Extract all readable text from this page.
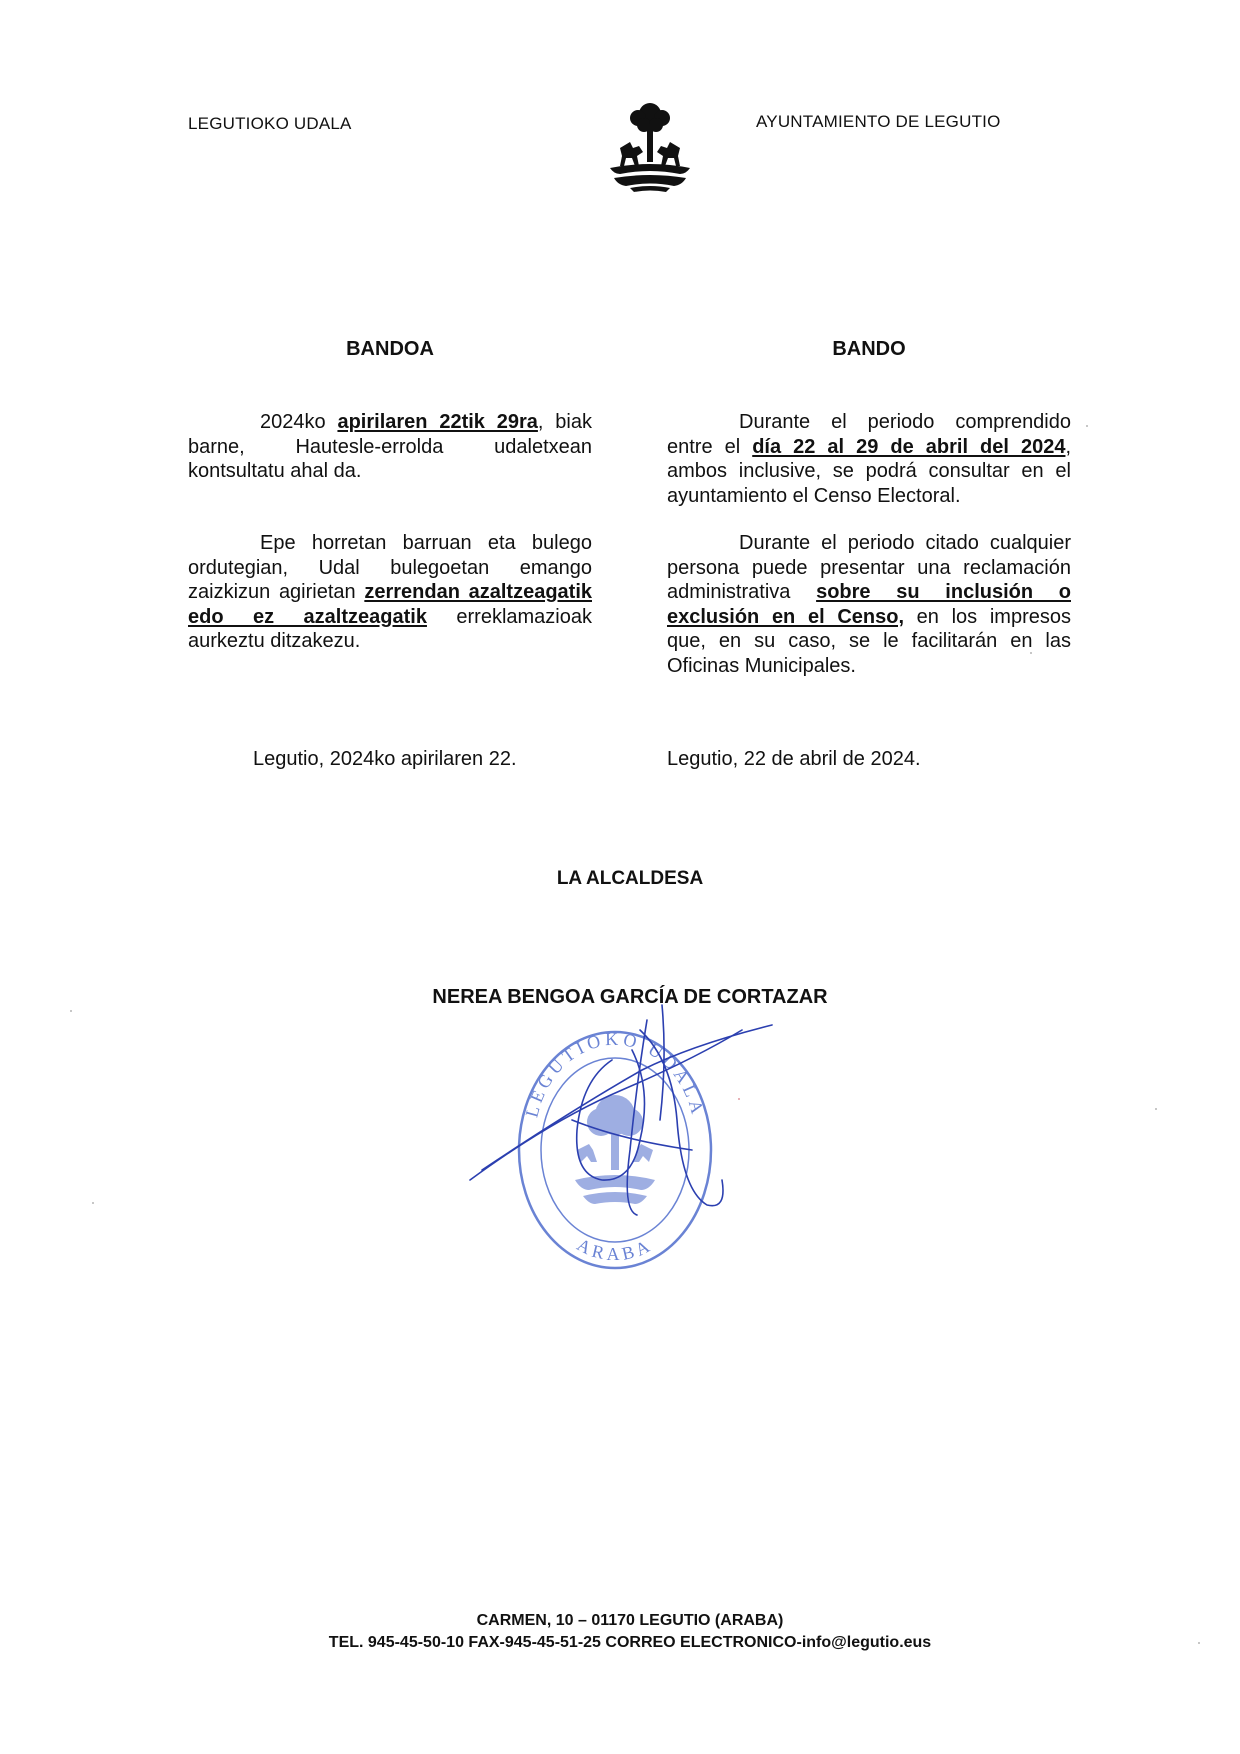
LEGUTIOKO UDALA	AYUNTAMIENTO DE LEGUTIO
BANDOA

2024ko apirilaren 22tik 29ra, biak barne, Hautesle-errolda udaletxean kontsultatu ahal da.

Epe horretan barruan eta bulego ordutegian, Udal bulegoetan emango zaizkizun agirietan zerrendan azaltzeagatik edo ez azaltzeagatik erreklamazioak aurkeztu ditzakezu.

Legutio, 2024ko apirilaren 22.
BANDO

Durante el periodo comprendido entre el día 22 al 29 de abril del 2024, ambos inclusive, se podrá consultar en el ayuntamiento el Censo Electoral.

Durante el periodo citado cualquier persona puede presentar una reclamación administrativa sobre su inclusión o exclusión en el Censo, en los impresos que, en su caso, se le facilitarán en las Oficinas Municipales.

Legutio, 22 de abril de 2024.
LA ALCALDESA
NEREA BENGOA GARCÍA DE CORTAZAR
LEGUTIOKO UDALA
ARABA
CARMEN, 10 – 01170 LEGUTIO (ARABA)
TEL. 945-45-50-10 FAX-945-45-51-25 CORREO ELECTRONICO-info@legutio.eus
